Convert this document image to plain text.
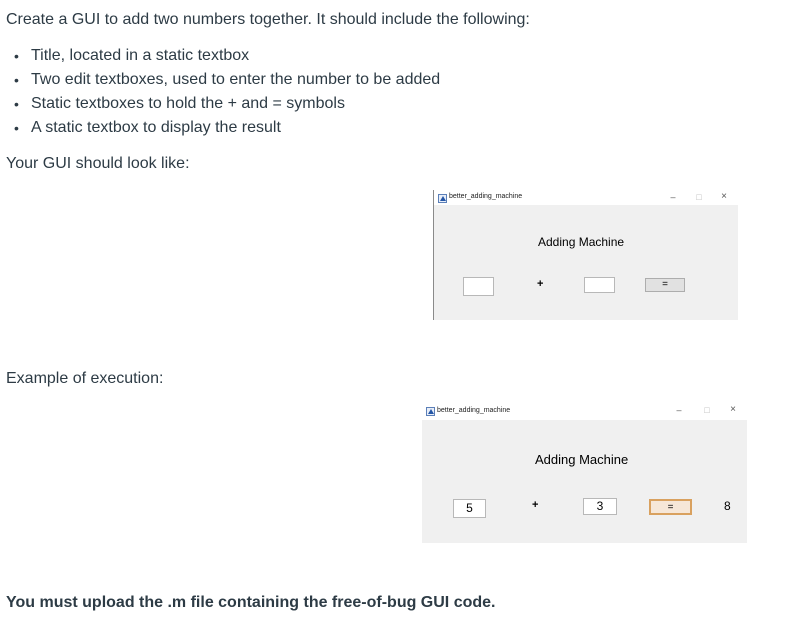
Create a GUI to add two numbers together. It should include the following:
• Title, located in a static textbox
• Two edit textboxes, used to enter the number to be added
• Static textboxes to hold the + and = symbols
• A static textbox to display the result
Your GUI should look like:
Example of execution:
You must upload the .m file containing the free-of-bug GUI code.
better_adding_machine	– □ ×
Adding Machine
+	=
better_adding_machine	–	□ ×
Adding Machine
5	+	3	=	8
